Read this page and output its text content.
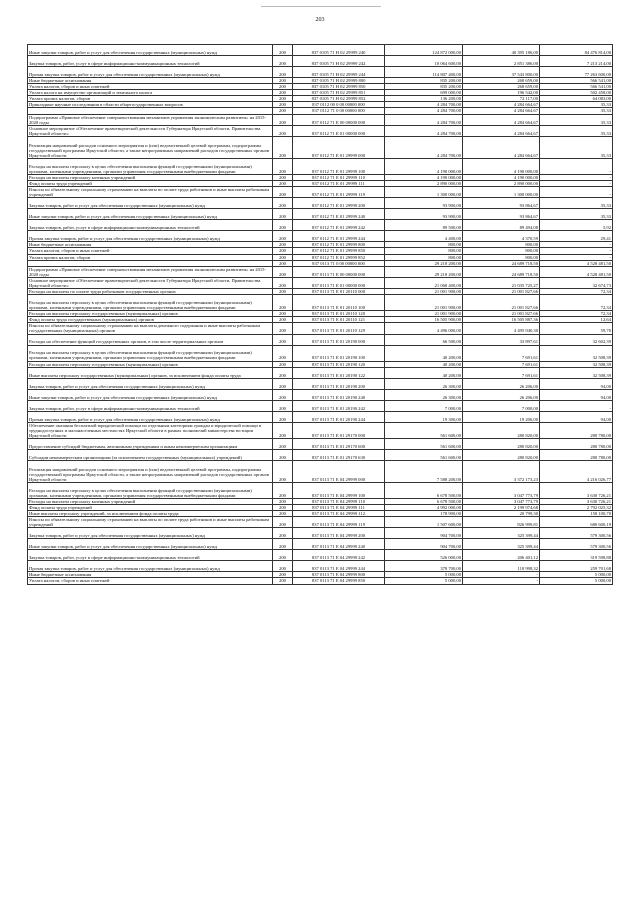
203
Иные закупки товаров, работ и услуг для обеспечения государственных (муниципальных) нужд	200	837 0105 71 Н 02 29999 240	124 872 000,00	40 395 186,00	84 476 814,00
Закупка товаров, работ, услуг в сфере информационно-коммуникационных технологий	200	837 0105 71 Н 02 29999 242	10 064 600,00	2 851 386,00	7 213 214,00
Прочая закупка товаров, работ и услуг для обеспечения государственных (муниципальных) нужд	200	837 0105 71 Н 02 29999 244	114 807 400,00	37 543 800,00	77 263 600,00
Иные бюджетные ассигнования	200	837 0105 71 Н 02 29999 800	835 200,00	268 659,00	566 541,00
Уплата налогов, сборов и иных платежей	200	837 0105 71 Н 02 29999 850	835 200,00	268 659,00	566 541,00
Уплата налога на имущество организаций и земельного налога	200	837 0105 71 Н 02 29999 851	699 000,00	196 542,00	502 458,00
Уплата прочих налогов, сборов	200	837 0105 71 Н 02 29999 852	136 200,00	72 117,00	64 083,00
Прикладные научные исследования в области общегосударственных вопросов	200	837 0112 00 0 00 00000 000	4 284 700,00	4 284 664,67	35,33
	200	837 0112 71 0 00 00000 000	4 284 700,00	4 284 664,67	35,33
Подпрограмма «Правовое обеспечение совершенствования механизмов управления экономическим развитием» на 2015-2020 годы	200	837 0112 71 Е 00 00000 000	4 284 700,00	4 284 664,67	35,33
Основное мероприятие «Обеспечение правотворческой деятельности Губернатора Иркутской области, Правительства Иркутской области»	200	837 0112 71 Е 01 00000 000	4 284 700,00	4 284 664,67	35,33
Реализация направлений расходов основного мероприятия и (или) ведомственной целевой программы, подпрограммы государственной программы Иркутской области, а также непрограммных направлений расходов государственных органов Иркутской области	200	837 0112 71 Е 01 29999 000	4 284 700,00	4 284 664,67	35,33
Расходы на выплаты персоналу в целях обеспечения выполнения функций государственными (муниципальными) органами, казенными учреждениями, органами управления государственными внебюджетными фондами	200	837 0112 71 Е 01 29999 100	4 190 000,00	4 190 000,00	-
Расходы на выплаты персоналу казенных учреждений	200	837 0112 71 Е 01 29999 110	4 190 000,00	4 190 000,00	-
Фонд оплаты труда учреждений	200	837 0112 71 Е 01 29999 111	2 890 000,00	2 890 000,00	-
Взносы по обязательному социальному страхованию на выплаты по оплате труда работников и иные выплаты работникам учреждений	200	837 0112 71 Е 01 29999 119	1 300 000,00	1 300 000,00	-
Закупка товаров, работ и услуг для обеспечения государственных (муниципальных) нужд	200	837 0112 71 Е 01 29999 200	93 900,00	93 864,67	35,33
Иные закупки товаров, работ и услуг для обеспечения государственных (муниципальных) нужд	200	837 0112 71 Е 01 29999 240	93 900,00	93 864,67	35,33
Закупка товаров, работ, услуг в сфере информационно-коммуникационных технологий	200	837 0112 71 Е 01 29999 242	89 500,00	89 494,08	5,92
Прочая закупка товаров, работ и услуг для обеспечения государственных (муниципальных) нужд	200	837 0112 71 Е 01 29999 244	4 400,00	4 370,59	29,41
Иные бюджетные ассигнования	200	837 0112 71 Е 01 29999 800	800,00	800,00	-
Уплата налогов, сборов и иных платежей	200	837 0112 71 Е 01 29999 850	800,00	800,00	-
Уплата прочих налогов, сборов	200	837 0112 71 Е 01 29999 852	800,00	800,00	-
	200	837 0113 71 0 00 00000 000	29 218 200,00	24 689 718,50	4 528 481,50
Подпрограмма «Правовое обеспечение совершенствования механизмов управления экономическим развитием» на 2015-2020 годы	200	837 0113 71 Е 00 00000 000	29 218 200,00	24 689 718,50	4 528 481,50
Основное мероприятие «Обеспечение правотворческой деятельности Губернатора Иркутской области, Правительства Иркутской области»	200	837 0113 71 Е 01 00000 000	21 068 400,00	21 035 725,27	32 674,73
Расходы на выплаты по оплате труда работников государственных органов	200	837 0113 71 Е 01 20110 000	21 001 900,00	21 001 827,66	72,34
Расходы на выплаты персоналу в целях обеспечения выполнения функций государственными (муниципальными) органами, казенными учреждениями, органами управления государственными внебюджетными фондами	200	837 0113 71 Е 01 20110 100	21 001 900,00	21 001 827,66	72,34
Расходы на выплаты персоналу государственных (муниципальных) органов	200	837 0113 71 Е 01 20110 120	21 001 900,00	21 001 827,66	72,34
Фонд оплаты труда государственных (муниципальных) органов	200	837 0113 71 Е 01 20110 121	16 505 900,00	16 505 887,36	12,64
Взносы по обязательному социальному страхованию на выплаты денежного содержания и иные выплаты работникам государственных (муниципальных) органов	200	837 0113 71 Е 01 20110 129	4 496 000,00	4 495 940,30	59,70
Расходы на обеспечение функций государственных органов, в том числе территориальных органов	200	837 0113 71 Е 01 20190 000	66 500,00	33 897,61	32 602,39
Расходы на выплаты персоналу в целях обеспечения выполнения функций государственными (муниципальными) органами, казенными учреждениями, органами управления государственными внебюджетными фондами	200	837 0113 71 Е 01 20190 100	40 200,00	7 691,61	32 508,39
Расходы на выплаты персоналу государственных (муниципальных) органов	200	837 0113 71 Е 01 20190 120	40 200,00	7 691,61	32 508,39
Иные выплаты персоналу государственных (муниципальных) органов, за исключением фонда оплаты труда	200	837 0113 71 Е 01 20190 122	40 200,00	7 691,61	32 508,39
Закупка товаров, работ и услуг для обеспечения государственных (муниципальных) нужд	200	837 0113 71 Е 01 20190 200	26 300,00	26 206,00	94,00
Иные закупки товаров, работ и услуг для обеспечения государственных (муниципальных) нужд	200	837 0113 71 Е 01 20190 240	26 300,00	26 206,00	94,00
Закупка товаров, работ, услуг в сфере информационно-коммуникационных технологий	200	837 0113 71 Е 01 20190 242	7 000,00	7 000,00	-
Прочая закупка товаров, работ и услуг для обеспечения государственных (муниципальных) нужд	200	837 0113 71 Е 01 20190 244	19 300,00	19 206,00	94,00
Обеспечение оказания бесплатной юридической помощи по отдельным категориям граждан и юридической помощи в труднодоступных и малонаселенных местностях Иркутской области в рамках полномочий министерства юстиции Иркутской области	200	837 0113 71 Е 01 29170 000	561 600,00	280 820,00	280 780,00
Предоставление субсидий бюджетным, автономным учреждениям и иным некоммерческим организациям	200	837 0113 71 Е 01 29170 600	561 600,00	280 820,00	280 780,00
Субсидии некоммерческим организациям (за исключением государственных (муниципальных) учреждений)	200	837 0113 71 Е 01 29170 630	561 600,00	280 820,00	280 780,00
Реализация направлений расходов основного мероприятия и (или) ведомственной целевой программы, подпрограммы государственной программы Иркутской области, а также непрограммных направлений расходов государственных органов Иркутской области	200	837 0113 71 Е 04 29999 000	7 588 200,00	3 372 173,23	4 216 026,77
Расходы на выплаты персоналу в целях обеспечения выполнения функций государственными (муниципальными) органами, казенными учреждениями, органами управления государственными внебюджетными фондами	200	837 0113 71 Е 04 29999 100	6 678 500,00	3 047 773,79	3 630 726,21
Расходы на выплаты персоналу казенных учреждений	200	837 0113 71 Е 04 29999 110	6 678 500,00	3 047 773,79	3 630 726,21
Фонд оплаты труда учреждений	200	837 0113 71 Е 04 29999 111	4 992 000,00	2 199 974,68	2 792 025,32
Иные выплаты персоналу учреждений, за исключением фонда оплаты труда	200	837 0113 71 Е 04 29999 112	178 900,00	20 799,30	158 100,70
Взносы по обязательному социальному страхованию на выплаты по оплате труда работников и иные выплаты работникам учреждений	200	837 0113 71 Е 04 29999 119	1 507 600,00	826 999,81	680 600,19
Закупка товаров, работ и услуг для обеспечения государственных (муниципальных) нужд	200	837 0113 71 Е 04 29999 200	904 700,00	325 399,44	579 300,56
Иные закупки товаров, работ и услуг для обеспечения государственных (муниципальных) нужд	200	837 0113 71 Е 04 29999 240	904 700,00	325 399,44	579 300,56
Закупка товаров, работ, услуг в сфере информационно-коммуникационных технологий	200	837 0113 71 Е 04 29999 242	526 000,00	206 401,12	319 598,88
Прочая закупка товаров, работ и услуг для обеспечения государственных (муниципальных) нужд	200	837 0113 71 Е 04 29999 244	378 700,00	118 998,32	259 701,68
Иные бюджетные ассигнования	200	837 0113 71 Е 04 29999 800	5 000,00	-	5 000,00
Уплата налогов, сборов и иных платежей	200	837 0113 71 Е 04 29999 850	5 000,00	-	5 000,00
